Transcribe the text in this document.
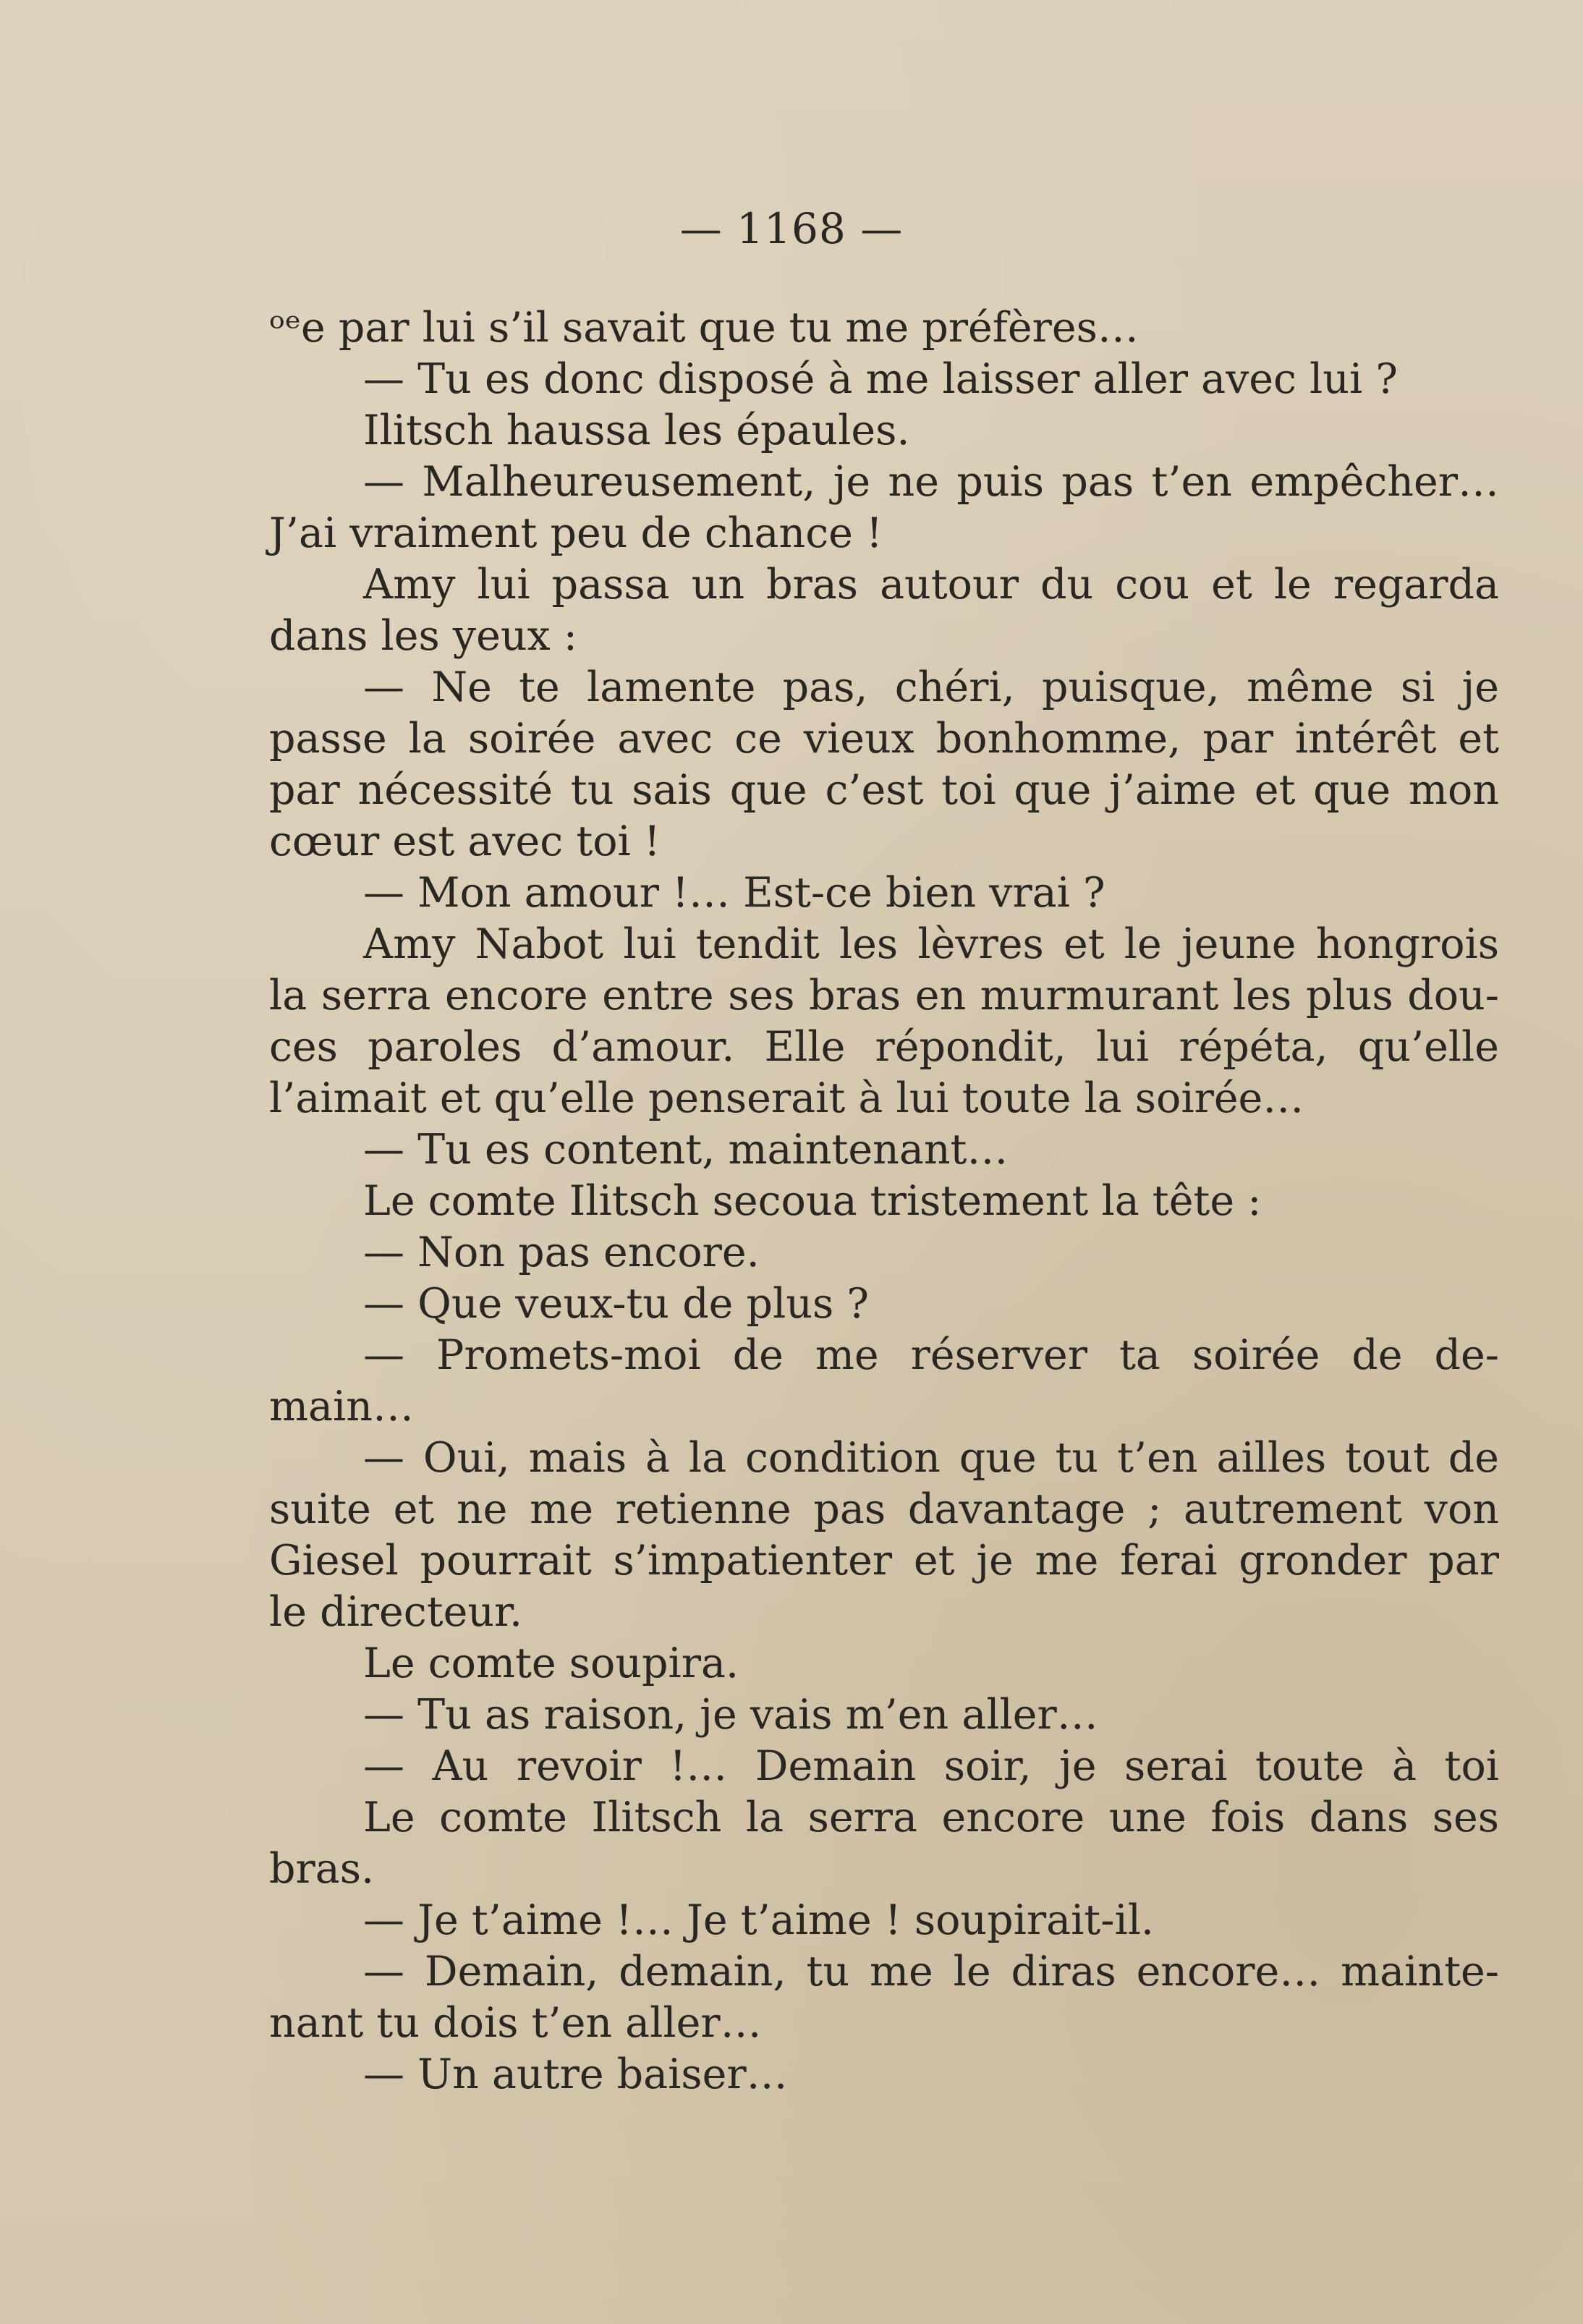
— 1168 —
ᵒᵉe par lui s’il savait que tu me préfères…
— Tu es donc disposé à me laisser aller avec lui ?
Ilitsch haussa les épaules.
— Malheureusement, je ne puis pas t’en empêcher…
J’ai vraiment peu de chance !
Amy lui passa un bras autour du cou et le regarda
dans les yeux :
— Ne te lamente pas, chéri, puisque, même si je
passe la soirée avec ce vieux bonhomme, par intérêt et
par nécessité tu sais que c’est toi que j’aime et que mon
cœur est avec toi !
— Mon amour !… Est-ce bien vrai ?
Amy Nabot lui tendit les lèvres et le jeune hongrois
la serra encore entre ses bras en murmurant les plus dou-
ces paroles d’amour. Elle répondit, lui répéta, qu’elle
l’aimait et qu’elle penserait à lui toute la soirée…
— Tu es content, maintenant…
Le comte Ilitsch secoua tristement la tête :
— Non pas encore.
— Que veux-tu de plus ?
— Promets-moi de me réserver ta soirée de de-
main…
— Oui, mais à la condition que tu t’en ailles tout de
suite et ne me retienne pas davantage ; autrement von
Giesel pourrait s’impatienter et je me ferai gronder par
le directeur.
Le comte soupira.
— Tu as raison, je vais m’en aller…
— Au revoir !… Demain soir, je serai toute à toi
Le comte Ilitsch la serra encore une fois dans ses
bras.
— Je t’aime !… Je t’aime ! soupirait-il.
— Demain, demain, tu me le diras encore… mainte-
nant tu dois t’en aller…
— Un autre baiser…
